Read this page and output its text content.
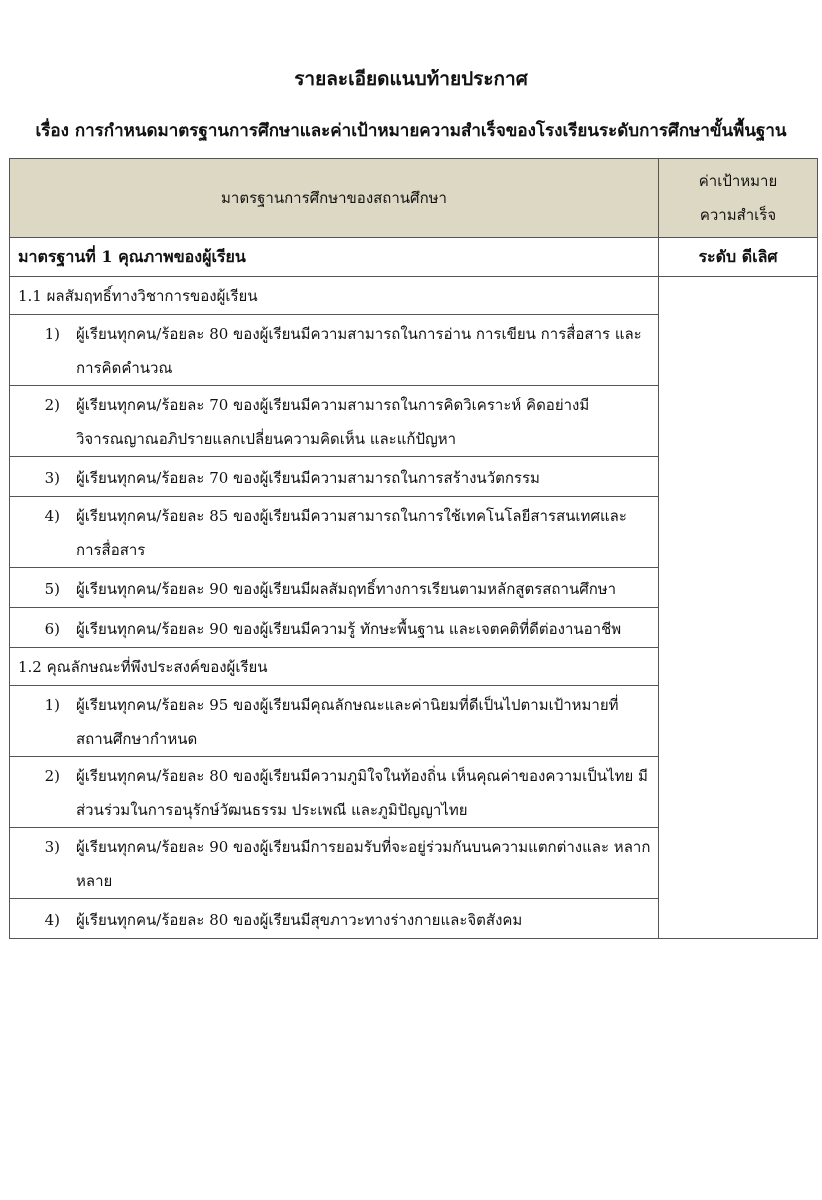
รายละเอียดแนบท้ายประกาศ
เรื่อง การกำหนดมาตรฐานการศึกษาและค่าเป้าหมายความสำเร็จของโรงเรียนระดับการศึกษาขั้นพื้นฐาน
มาตรฐานการศึกษาของสถานศึกษา	ค่าเป้าหมาย
ความสำเร็จ

มาตรฐานที่ 1 คุณภาพของผู้เรียน	ระดับ ดีเลิศ
1.1 ผลสัมฤทธิ์ทางวิชาการของผู้เรียน	

1) ผู้เรียนทุกคน/ร้อยละ 80 ของผู้เรียนมีความสามารถในการอ่าน การเขียน การสื่อสาร และการคิดคำนวณ	

2) ผู้เรียนทุกคน/ร้อยละ 70 ของผู้เรียนมีความสามารถในการคิดวิเคราะห์ คิดอย่างมี วิจารณญาณอภิปรายแลกเปลี่ยนความคิดเห็น และแก้ปัญหา	

3) ผู้เรียนทุกคน/ร้อยละ 70 ของผู้เรียนมีความสามารถในการสร้างนวัตกรรม	

4) ผู้เรียนทุกคน/ร้อยละ 85 ของผู้เรียนมีความสามารถในการใช้เทคโนโลยีสารสนเทศและ การสื่อสาร	

5) ผู้เรียนทุกคน/ร้อยละ 90 ของผู้เรียนมีผลสัมฤทธิ์ทางการเรียนตามหลักสูตรสถานศึกษา	

6) ผู้เรียนทุกคน/ร้อยละ 90 ของผู้เรียนมีความรู้ ทักษะพื้นฐาน และเจตคติที่ดีต่องานอาชีพ	

1.2 คุณลักษณะที่พึงประสงค์ของผู้เรียน	

1) ผู้เรียนทุกคน/ร้อยละ 95 ของผู้เรียนมีคุณลักษณะและค่านิยมที่ดีเป็นไปตามเป้าหมายที่ สถานศึกษากำหนด	

2) ผู้เรียนทุกคน/ร้อยละ 80 ของผู้เรียนมีความภูมิใจในท้องถิ่น เห็นคุณค่าของความเป็นไทย มีส่วนร่วมในการอนุรักษ์วัฒนธรรม ประเพณี และภูมิปัญญาไทย	

3) ผู้เรียนทุกคน/ร้อยละ 90 ของผู้เรียนมีการยอมรับที่จะอยู่ร่วมกันบนความแตกต่างและ หลากหลาย	

4) ผู้เรียนทุกคน/ร้อยละ 80 ของผู้เรียนมีสุขภาวะทางร่างกายและจิตสังคม	
